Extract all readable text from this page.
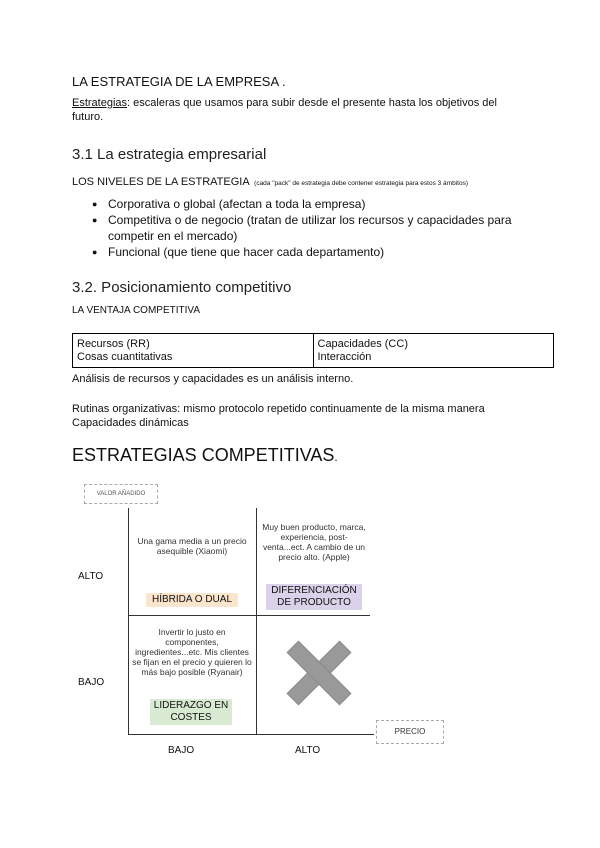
LA ESTRATEGIA DE LA EMPRESA .
Estrategias: escaleras que usamos para subir desde el presente hasta los objetivos del futuro.
3.1 La estrategia empresarial
LOS NIVELES DE LA ESTRATEGIA (cada "pack" de estrategia debe contener estrategia para estos 3 ámbitos)
● Corporativa o global (afectan a toda la empresa)
● Competitiva o de negocio (tratan de utilizar los recursos y capacidades para competir en el mercado)
● Funcional (que tiene que hacer cada departamento)
3.2. Posicionamiento competitivo
LA VENTAJA COMPETITIVA
Recursos (RR)
Cosas cuantitativas

Capacidades (CC)
Interacción
Análisis de recursos y capacidades es un análisis interno.
Rutinas organizativas: mismo protocolo repetido continuamente de la misma manera
Capacidades dinámicas
ESTRATEGIAS COMPETITIVAS.
VALOR AÑADIDO
ALTO
BAJO
BAJO	ALTO
PRECIO
Una gama media a un precio asequible (Xiaomi)
HÍBRIDA O DUAL
Muy buen producto, marca, experiencia, post-venta...ect. A cambio de un precio alto. (Apple)
DIFERENCIACIÓN DE PRODUCTO
Invertir lo justo en componentes, ingredientes...etc. Mis clientes se fijan en el precio y quieren lo más bajo posible (Ryanair)
LIDERAZGO EN COSTES
